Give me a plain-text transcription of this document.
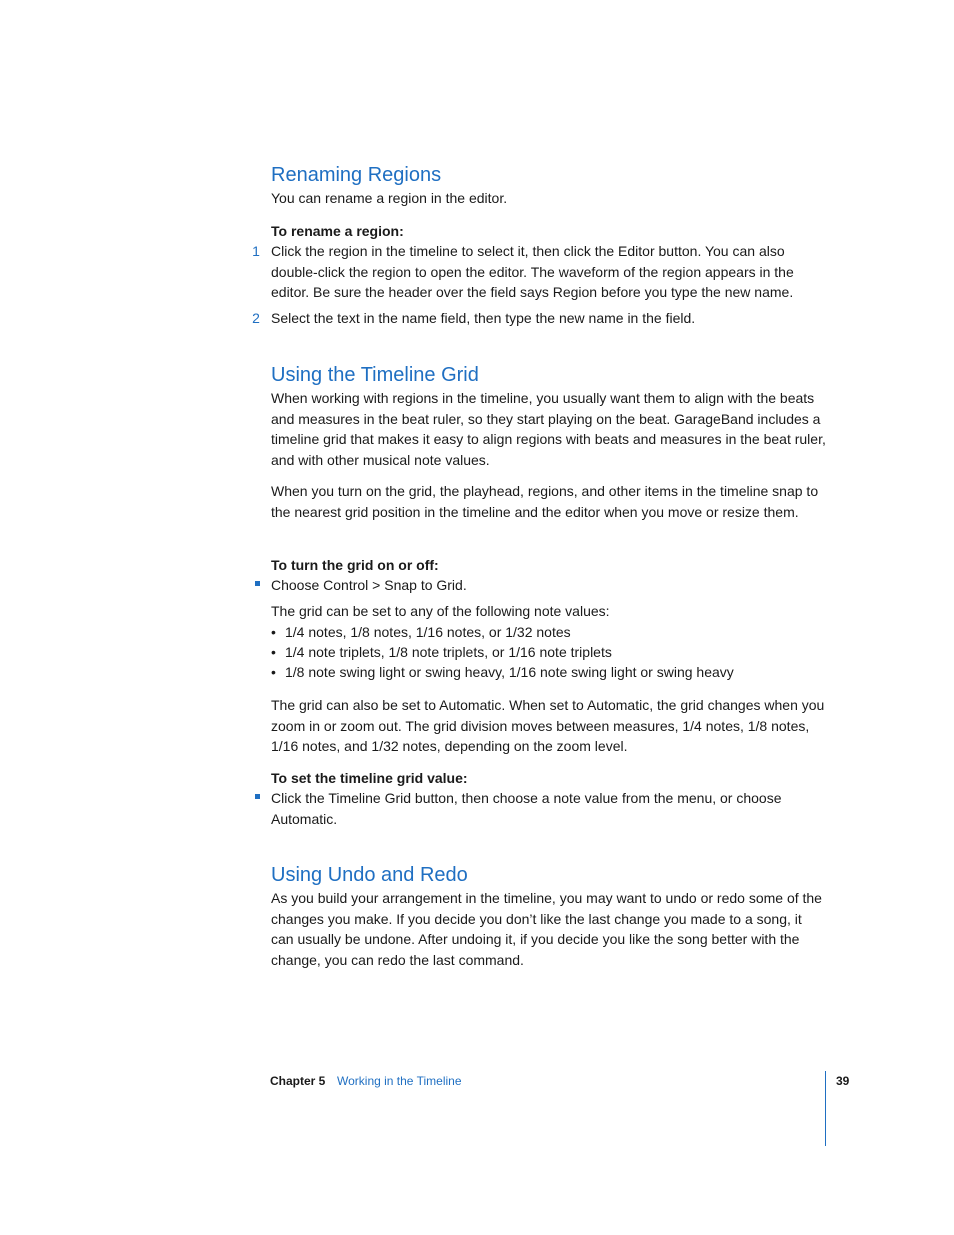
Renaming Regions
You can rename a region in the editor.
To rename a region:
1 Click the region in the timeline to select it, then click the Editor button. You can also double-click the region to open the editor. The waveform of the region appears in the editor. Be sure the header over the field says Region before you type the new name.
2 Select the text in the name field, then type the new name in the field.
Using the Timeline Grid
When working with regions in the timeline, you usually want them to align with the beats and measures in the beat ruler, so they start playing on the beat. GarageBand includes a timeline grid that makes it easy to align regions with beats and measures in the beat ruler, and with other musical note values.
When you turn on the grid, the playhead, regions, and other items in the timeline snap to the nearest grid position in the timeline and the editor when you move or resize them.
To turn the grid on or off:
Choose Control > Snap to Grid.
The grid can be set to any of the following note values:
• 1/4 notes, 1/8 notes, 1/16 notes, or 1/32 notes
• 1/4 note triplets, 1/8 note triplets, or 1/16 note triplets
• 1/8 note swing light or swing heavy, 1/16 note swing light or swing heavy
The grid can also be set to Automatic. When set to Automatic, the grid changes when you zoom in or zoom out. The grid division moves between measures, 1/4 notes, 1/8 notes, 1/16 notes, and 1/32 notes, depending on the zoom level.
To set the timeline grid value:
Click the Timeline Grid button, then choose a note value from the menu, or choose Automatic.
Using Undo and Redo
As you build your arrangement in the timeline, you may want to undo or redo some of the changes you make. If you decide you don’t like the last change you made to a song, it can usually be undone. After undoing it, if you decide you like the song better with the change, you can redo the last command.
Chapter 5 Working in the Timeline	39
